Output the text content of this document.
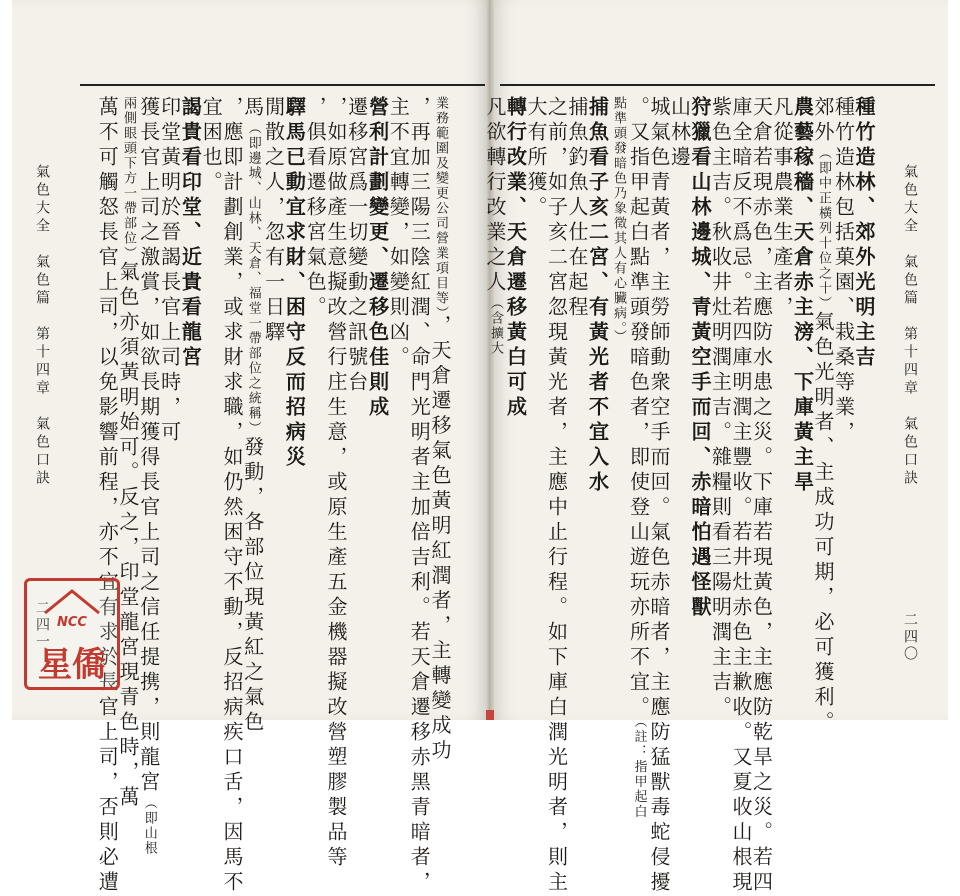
氣色大全　氣色篇　第十四章　氣色口訣
二四〇
種竹造林、郊外光明主吉
種竹造林包括菓園、栽桑等業，
郊外（即中正橫列十位之十）氣色光明者、主成功可期，必可獲利。
農藝稼穡、天倉赤主滂、下庫黃主旱
凡從事農業生產者，
天倉若現赤色，主應防水患之災。下庫若現黃色，主應防乾旱之災。若四
庫全暗反不爲忌。若四庫明潤主豐收。若井灶赤色主歉收。又夏收山根現
紫色主吉。秋收井灶明潤主吉。雜糧則看三陽明潤主吉。
狩獵看山林邊城、青黃空手而回、赤暗怕遇怪獸
山林邊
城氣色青黃者，主勞師動衆空手而回。氣色赤暗者，主應防猛獸毒蛇侵擾
。又指甲起白點準頭發暗色者，即使登山遊玩亦所不宜。（註：指甲起白
點準頭發暗色乃象徵其人有心臟病。）
捕魚看子亥二宮、有黃光者不宜入水
捕魚釣魚人仕在起程
之前，如子亥二宮忽現黃光者，主應中止行程。如下庫白潤光明者，則主
大有所獲。
轉行改業、天倉遷移黃白可成
凡欲轉行改業之人（含擴大
氣色大全　氣色篇　第十四章　氣色口訣
二四一
業務範圍及變更公司營業項目等），天倉遷移氣色黃明紅潤者，主轉變成功
，再加三陽三陰紅潤、命門光明者主加倍吉利。若天倉遷移赤黑青暗者，
主不宜轉變，如變則凶。
營利計劃變更、遷移色佳則成
遷移宮爲一切變動之訊號台
，如原做產生意擬改營行庄生意，或原生產五金機器擬改營塑膠製品等
，俱看遷移宮氣色。
驛馬已動宜求財、困守反而招病災
閒散之人，忽有一日驛
馬（即邊城、山林、天倉、福堂一帶部位之統稱）發動，各部位現黃紅之氣色
，應即計劃創業，或求財求職，如仍然困守不動，反招病疾口舌，因馬不
宜困也。
謁貴看印堂、近貴看龍宮
印堂黃明於晉謁長官上司時，可
獲長官上司之激賞，如欲長期獲得長官上司之信任提携，則龍宮（即山根
兩側眼頭下方一帶部位）氣色亦須黃明始可。反之，印堂龍宮現青色時，萬
萬不可觸怒長官上司，以免影響前程，亦不宜有求於長官上司，否則必遭
NCC
星僑
